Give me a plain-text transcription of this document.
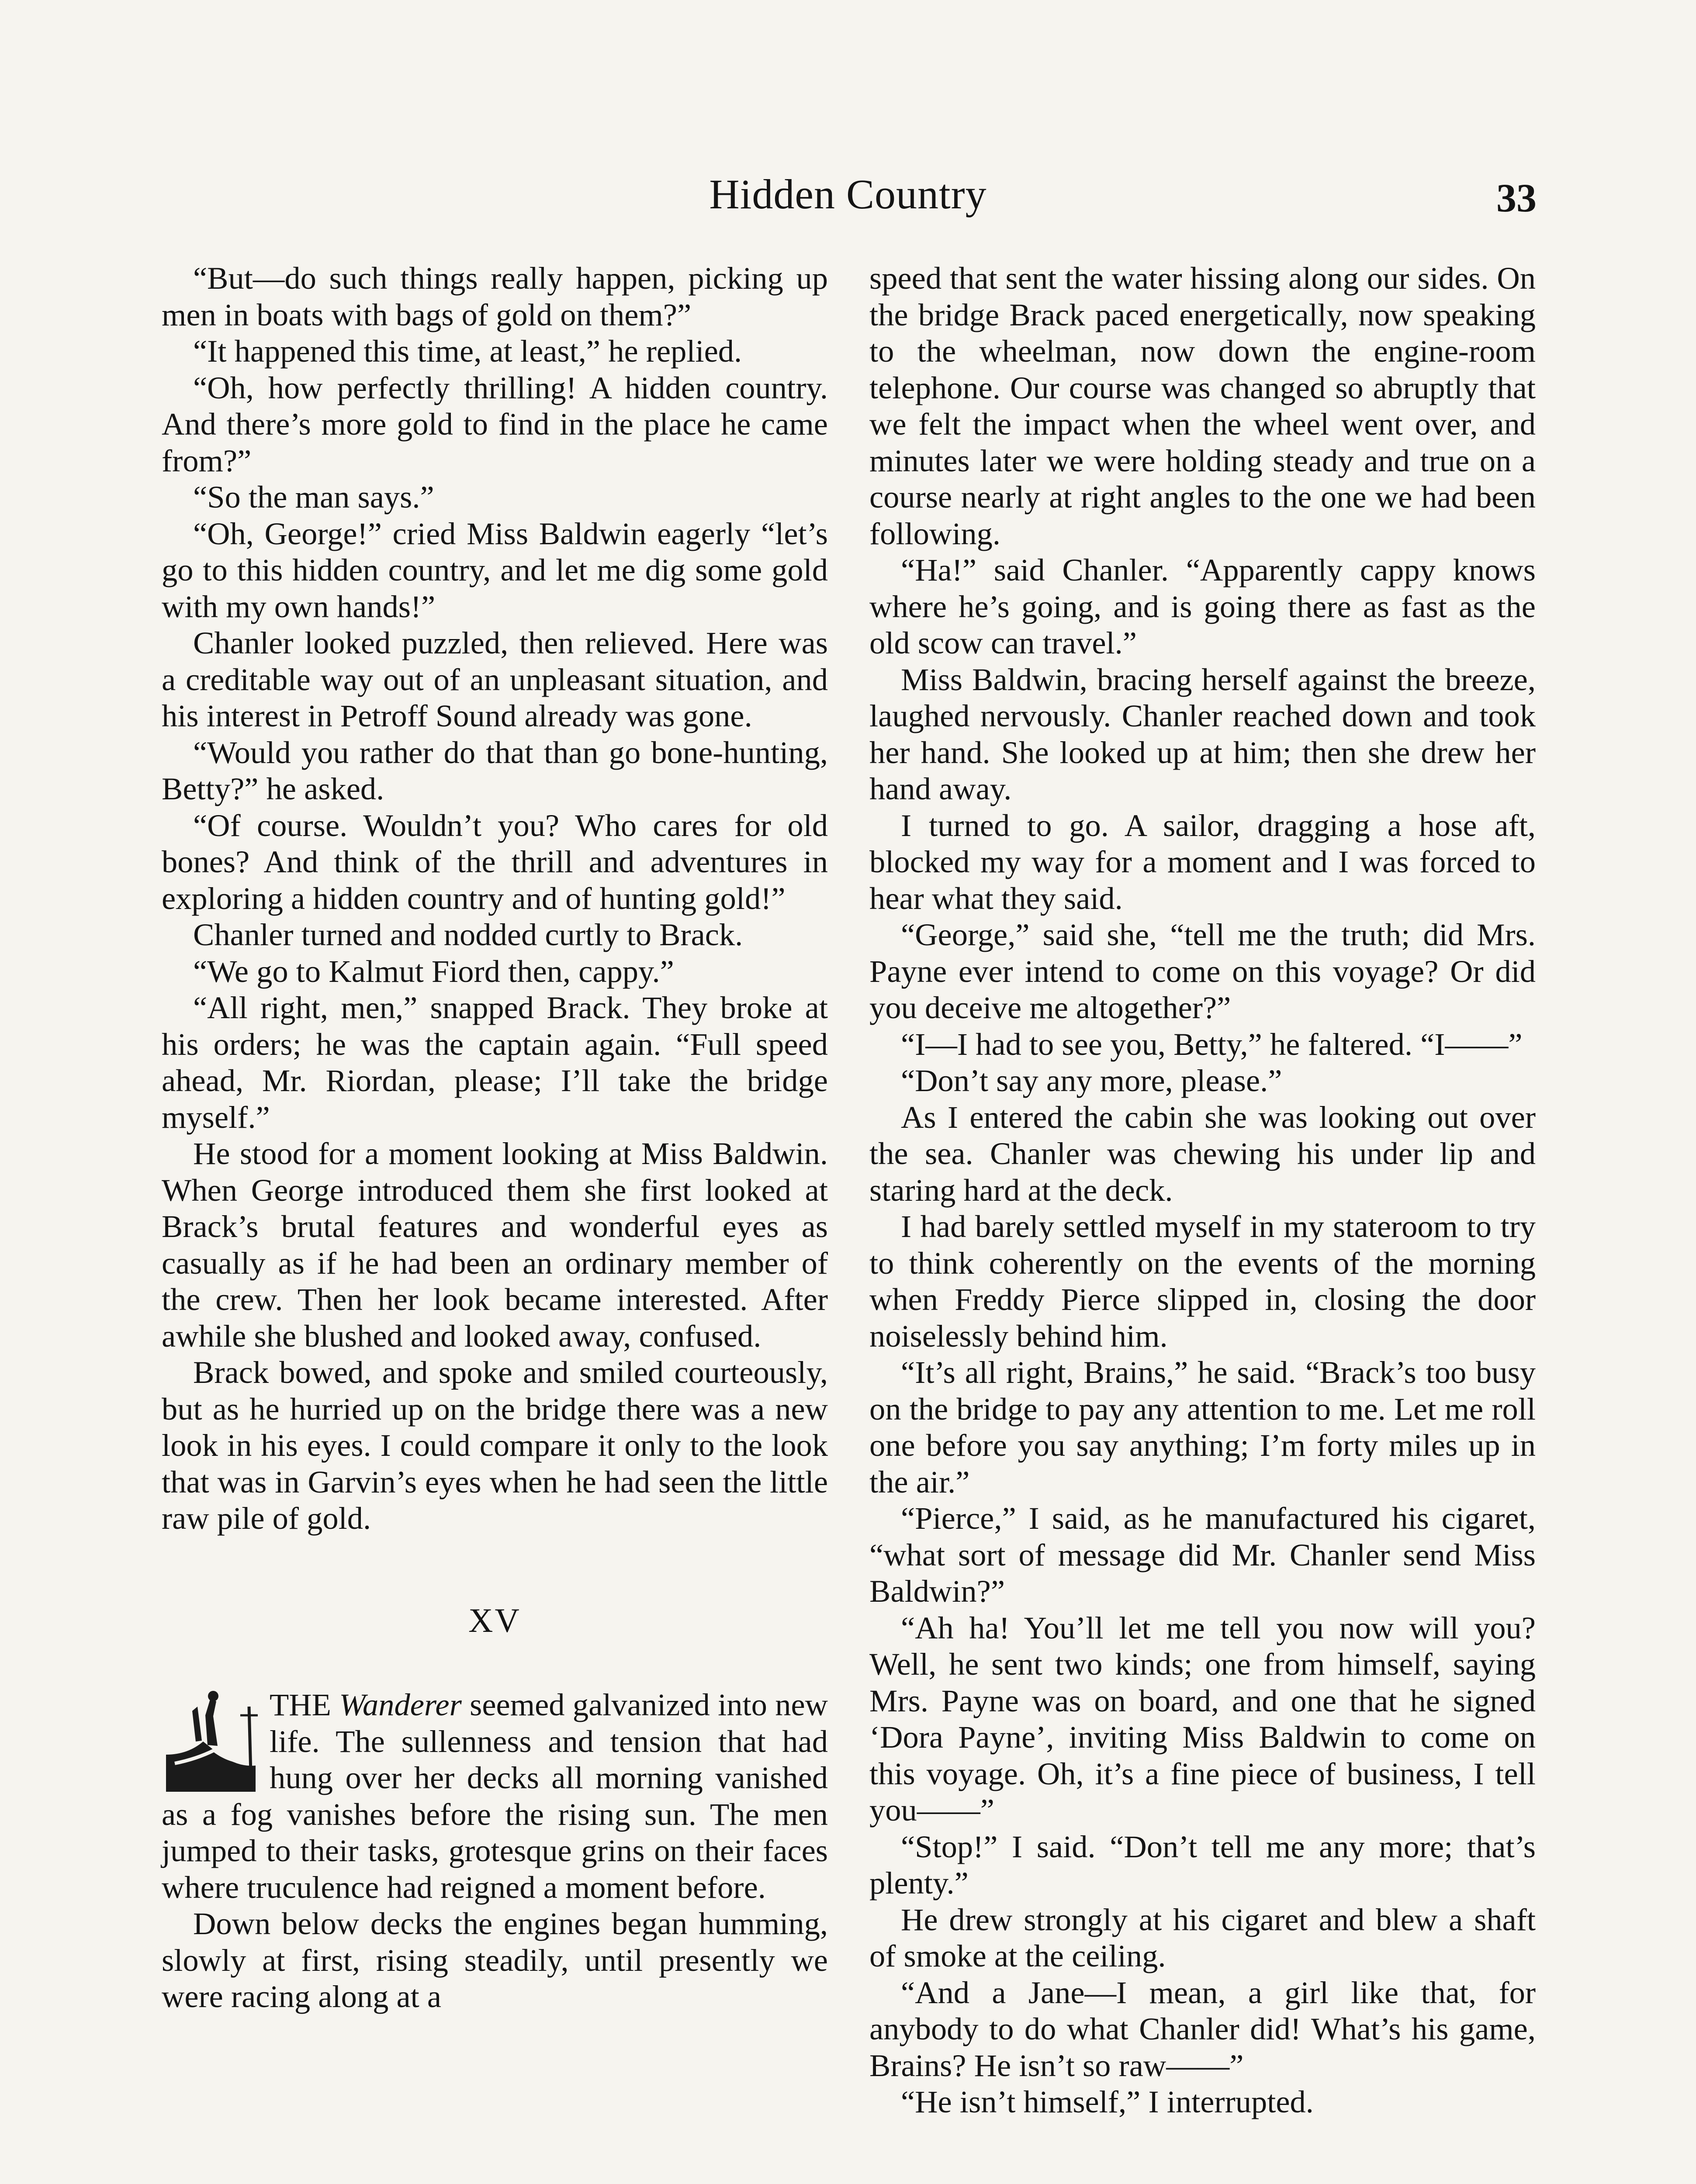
Hidden Country	33

“But—do such things really happen, picking up men in boats with bags of gold on them?”

“It happened this time, at least,” he replied.

“Oh, how perfectly thrilling! A hidden country. And there’s more gold to find in the place he came from?”

“So the man says.”

“Oh, George!” cried Miss Baldwin eagerly “let’s go to this hidden country, and let me dig some gold with my own hands!”

Chanler looked puzzled, then relieved. Here was a creditable way out of an unpleasant situation, and his interest in Petroff Sound already was gone.

“Would you rather do that than go bone-hunting, Betty?” he asked.

“Of course. Wouldn’t you? Who cares for old bones? And think of the thrill and adventures in exploring a hidden country and of hunting gold!”

Chanler turned and nodded curtly to Brack.

“We go to Kalmut Fiord then, cappy.”

“All right, men,” snapped Brack. They broke at his orders; he was the captain again. “Full speed ahead, Mr. Riordan, please; I’ll take the bridge myself.”

He stood for a moment looking at Miss Baldwin. When George introduced them she first looked at Brack’s brutal features and wonderful eyes as casually as if he had been an ordinary member of the crew. Then her look became interested. After awhile she blushed and looked away, confused.

Brack bowed, and spoke and smiled courteously, but as he hurried up on the bridge there was a new look in his eyes. I could compare it only to the look that was in Garvin’s eyes when he had seen the little raw pile of gold.

XV

THE Wanderer seemed galvanized into new life. The sullenness and tension that had hung over her decks all morning vanished as a fog vanishes before the rising sun. The men jumped to their tasks, grotesque grins on their faces where truculence had reigned a moment before.

Down below decks the engines began humming, slowly at first, rising steadily, until presently we were racing along at a

speed that sent the water hissing along our sides. On the bridge Brack paced energetically, now speaking to the wheelman, now down the engine-room telephone. Our course was changed so abruptly that we felt the impact when the wheel went over, and minutes later we were holding steady and true on a course nearly at right angles to the one we had been following.

“Ha!” said Chanler. “Apparently cappy knows where he’s going, and is going there as fast as the old scow can travel.”

Miss Baldwin, bracing herself against the breeze, laughed nervously. Chanler reached down and took her hand. She looked up at him; then she drew her hand away.

I turned to go. A sailor, dragging a hose aft, blocked my way for a moment and I was forced to hear what they said.

“George,” said she, “tell me the truth; did Mrs. Payne ever intend to come on this voyage? Or did you deceive me altogether?”

“I—I had to see you, Betty,” he faltered. “I——”

“Don’t say any more, please.”

As I entered the cabin she was looking out over the sea. Chanler was chewing his under lip and staring hard at the deck.

I had barely settled myself in my stateroom to try to think coherently on the events of the morning when Freddy Pierce slipped in, closing the door noiselessly behind him.

“It’s all right, Brains,” he said. “Brack’s too busy on the bridge to pay any attention to me. Let me roll one before you say anything; I’m forty miles up in the air.”

“Pierce,” I said, as he manufactured his cigaret, “what sort of message did Mr. Chanler send Miss Baldwin?”

“Ah ha! You’ll let me tell you now will you? Well, he sent two kinds; one from himself, saying Mrs. Payne was on board, and one that he signed ‘Dora Payne’, inviting Miss Baldwin to come on this voyage. Oh, it’s a fine piece of business, I tell you——”

“Stop!” I said. “Don’t tell me any more; that’s plenty.”

He drew strongly at his cigaret and blew a shaft of smoke at the ceiling.

“And a Jane—I mean, a girl like that, for anybody to do what Chanler did! What’s his game, Brains? He isn’t so raw——”

“He isn’t himself,” I interrupted.
